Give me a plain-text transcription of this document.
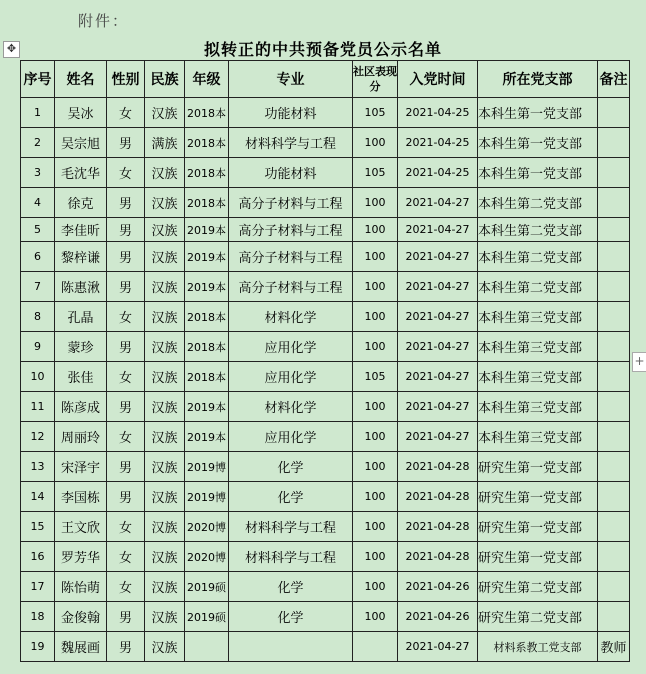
附件：
✥	拟转正的中共预备党员公示名单
+
序号	姓名	性别	民族	年级	专业	社区表现分	入党时间	所在党支部	备注
1	吴冰	女	汉族	2018本	功能材料	105	2021-04-25	本科生第一党支部	
2	吴宗旭	男	满族	2018本	材料科学与工程	100	2021-04-25	本科生第一党支部	
3	毛沈华	女	汉族	2018本	功能材料	105	2021-04-25	本科生第一党支部	
4	徐克	男	汉族	2018本	高分子材料与工程	100	2021-04-27	本科生第二党支部	
5	李佳昕	男	汉族	2019本	高分子材料与工程	100	2021-04-27	本科生第二党支部	
6	黎梓谦	男	汉族	2019本	高分子材料与工程	100	2021-04-27	本科生第二党支部	
7	陈惠湫	男	汉族	2019本	高分子材料与工程	100	2021-04-27	本科生第二党支部	
8	孔晶	女	汉族	2018本	材料化学	100	2021-04-27	本科生第三党支部	
9	蒙珍	男	汉族	2018本	应用化学	100	2021-04-27	本科生第三党支部	
10	张佳	女	汉族	2018本	应用化学	105	2021-04-27	本科生第三党支部	
11	陈彦成	男	汉族	2019本	材料化学	100	2021-04-27	本科生第三党支部	
12	周丽玲	女	汉族	2019本	应用化学	100	2021-04-27	本科生第三党支部	
13	宋泽宇	男	汉族	2019博	化学	100	2021-04-28	研究生第一党支部	
14	李国栋	男	汉族	2019博	化学	100	2021-04-28	研究生第一党支部	
15	王文欣	女	汉族	2020博	材料科学与工程	100	2021-04-28	研究生第一党支部	
16	罗芳华	女	汉族	2020博	材料科学与工程	100	2021-04-28	研究生第一党支部	
17	陈怡萌	女	汉族	2019硕	化学	100	2021-04-26	研究生第二党支部	
18	金俊翰	男	汉族	2019硕	化学	100	2021-04-26	研究生第二党支部	
19	魏展画	男	汉族				2021-04-27	材料系教工党支部	教师
